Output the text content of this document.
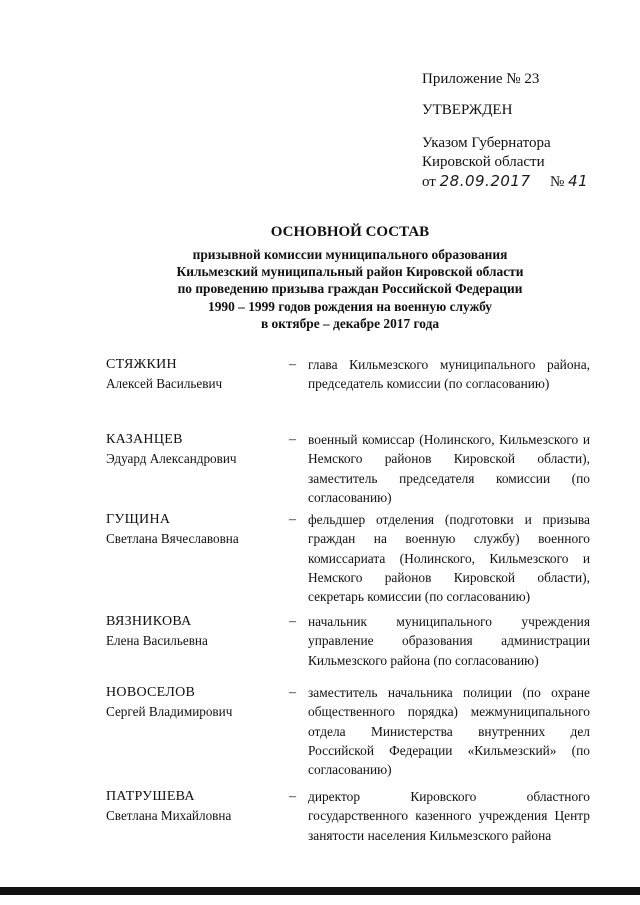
Приложение № 23
УТВЕРЖДЕН
Указом Губернатора
Кировской области
от 28.09.2017 № 41
ОСНОВНОЙ СОСТАВ
призывной комиссии муниципального образования
Кильмезский муниципальный район Кировской области
по проведению призыва граждан Российской Федерации
1990 – 1999 годов рождения на военную службу
в октябре – декабре 2017 года
СТЯЖКИН
Алексей Васильевич
– глава Кильмезского муниципального района, председатель комиссии (по согласованию)
КАЗАНЦЕВ
Эдуард Александрович
– военный комиссар (Нолинского, Кильмезского и Немского районов Кировской области), заместитель председателя комиссии (по согласованию)
ГУЩИНА
Светлана Вячеславовна
– фельдшер отделения (подготовки и призыва граждан на военную службу) военного комиссариата (Нолинского, Кильмезского и Немского районов Кировской области), секретарь комиссии (по согласованию)
ВЯЗНИКОВА
Елена Васильевна
– начальник муниципального учреждения управление образования администрации Кильмезского района (по согласованию)
НОВОСЕЛОВ
Сергей Владимирович
– заместитель начальника полиции (по охране общественного порядка) межмуниципального отдела Министерства внутренних дел Российской Федерации «Кильмезский» (по согласованию)
ПАТРУШЕВА
Светлана Михайловна
– директор Кировского областного государственного казенного учреждения Центр занятости населения Кильмезского района
